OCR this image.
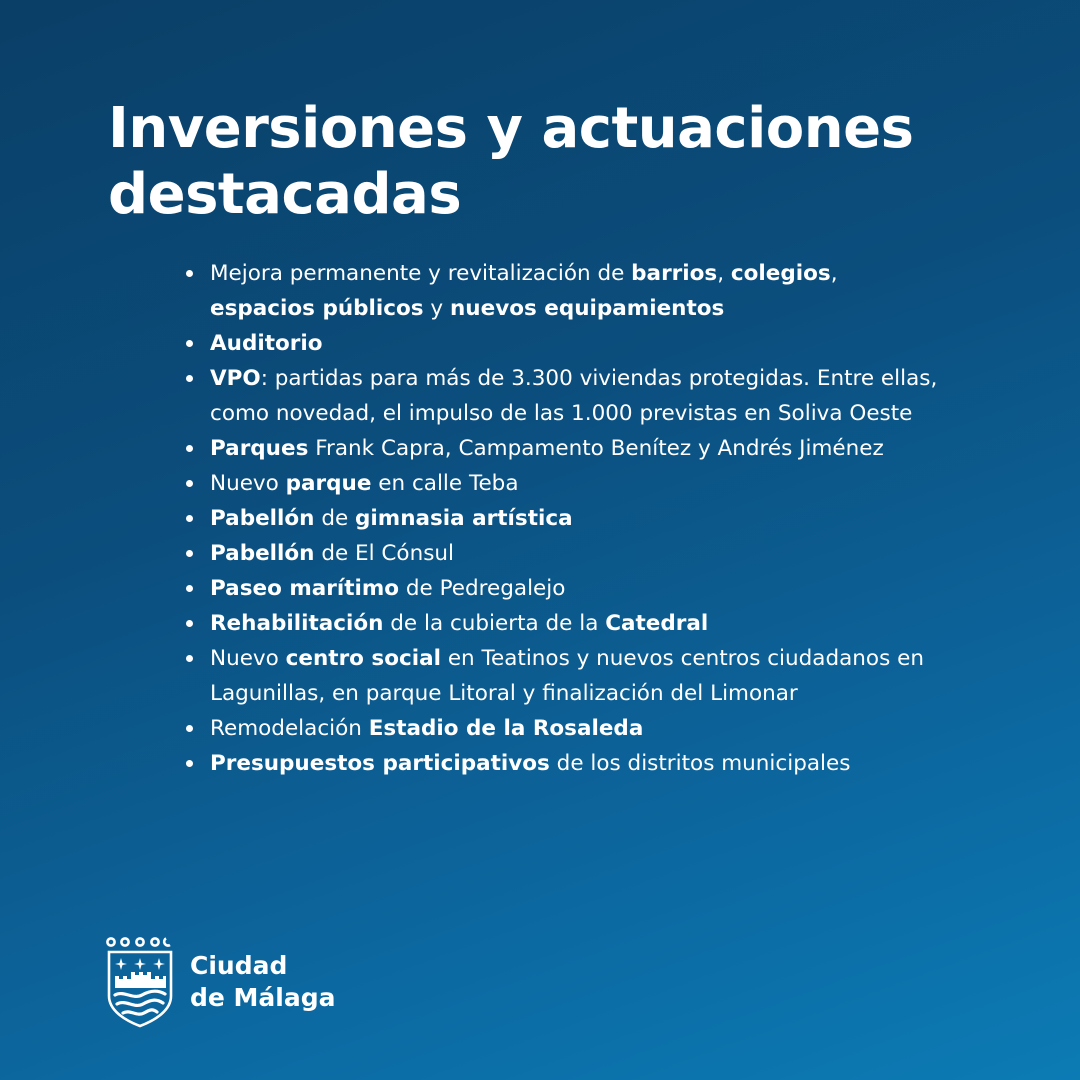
Inversiones y actuaciones destacadas
Mejora permanente y revitalización de barrios, colegios, espacios públicos y nuevos equipamientos
Auditorio
VPO: partidas para más de 3.300 viviendas protegidas. Entre ellas, como novedad, el impulso de las 1.000 previstas en Soliva Oeste
Parques Frank Capra, Campamento Benítez y Andrés Jiménez
Nuevo parque en calle Teba
Pabellón de gimnasia artística
Pabellón de El Cónsul
Paseo marítimo de Pedregalejo
Rehabilitación de la cubierta de la Catedral
Nuevo centro social en Teatinos y nuevos centros ciudadanos en Lagunillas, en parque Litoral y finalización del Limonar
Remodelación Estadio de la Rosaleda
Presupuestos participativos de los distritos municipales
Ciudad
de Málaga
